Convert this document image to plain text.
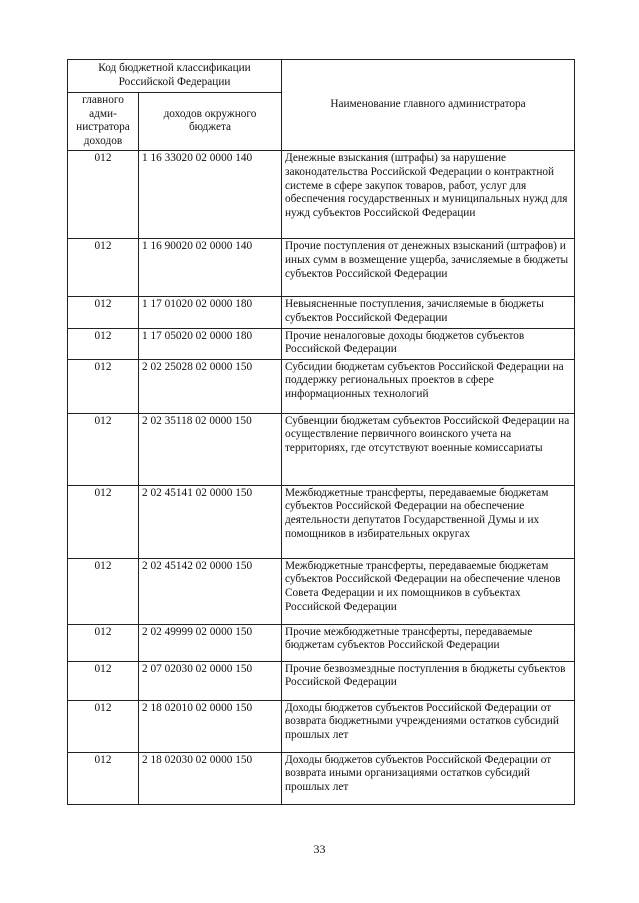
Код бюджетной классификации Российской Федерации		Наименование главного администратора
главного адми- нистратора доходов	доходов окружного бюджета	
012	1 16 33020 02 0000 140	Денежные взыскания (штрафы) за нарушение законодательства Российской Федерации о контрактной системе в сфере закупок товаров, работ, услуг для обеспечения государственных и муниципальных нужд для нужд субъектов Российской Федерации
012	1 16 90020 02 0000 140	Прочие поступления от денежных взысканий (штрафов) и иных сумм в возмещение ущерба, зачисляемые в бюджеты субъектов Российской Федерации
012	1 17 01020 02 0000 180	Невыясненные поступления, зачисляемые в бюджеты субъектов Российской Федерации
012	1 17 05020 02 0000 180	Прочие неналоговые доходы бюджетов субъектов Российской Федерации
012	2 02 25028 02 0000 150	Субсидии бюджетам субъектов Российской Федерации на поддержку региональных проектов в сфере информационных технологий
012	2 02 35118 02 0000 150	Субвенции бюджетам субъектов Российской Федерации на осуществление первичного воинского учета на территориях, где отсутствуют военные комиссариаты
012	2 02 45141 02 0000 150	Межбюджетные трансферты, передаваемые бюджетам субъектов Российской Федерации на обеспечение деятельности депутатов Государственной Думы и их помощников в избирательных округах
012	2 02 45142 02 0000 150	Межбюджетные трансферты, передаваемые бюджетам субъектов Российской Федерации на обеспечение членов Совета Федерации и их помощников в субъектах Российской Федерации
012	2 02 49999 02 0000 150	Прочие межбюджетные трансферты, передаваемые бюджетам субъектов Российской Федерации
012	2 07 02030 02 0000 150	Прочие безвозмездные поступления в бюджеты субъектов Российской Федерации
012	2 18 02010 02 0000 150	Доходы бюджетов субъектов Российской Федерации от возврата бюджетными учреждениями остатков субсидий прошлых лет
012	2 18 02030 02 0000 150	Доходы бюджетов субъектов Российской Федерации от возврата иными организациями остатков субсидий прошлых лет
33
